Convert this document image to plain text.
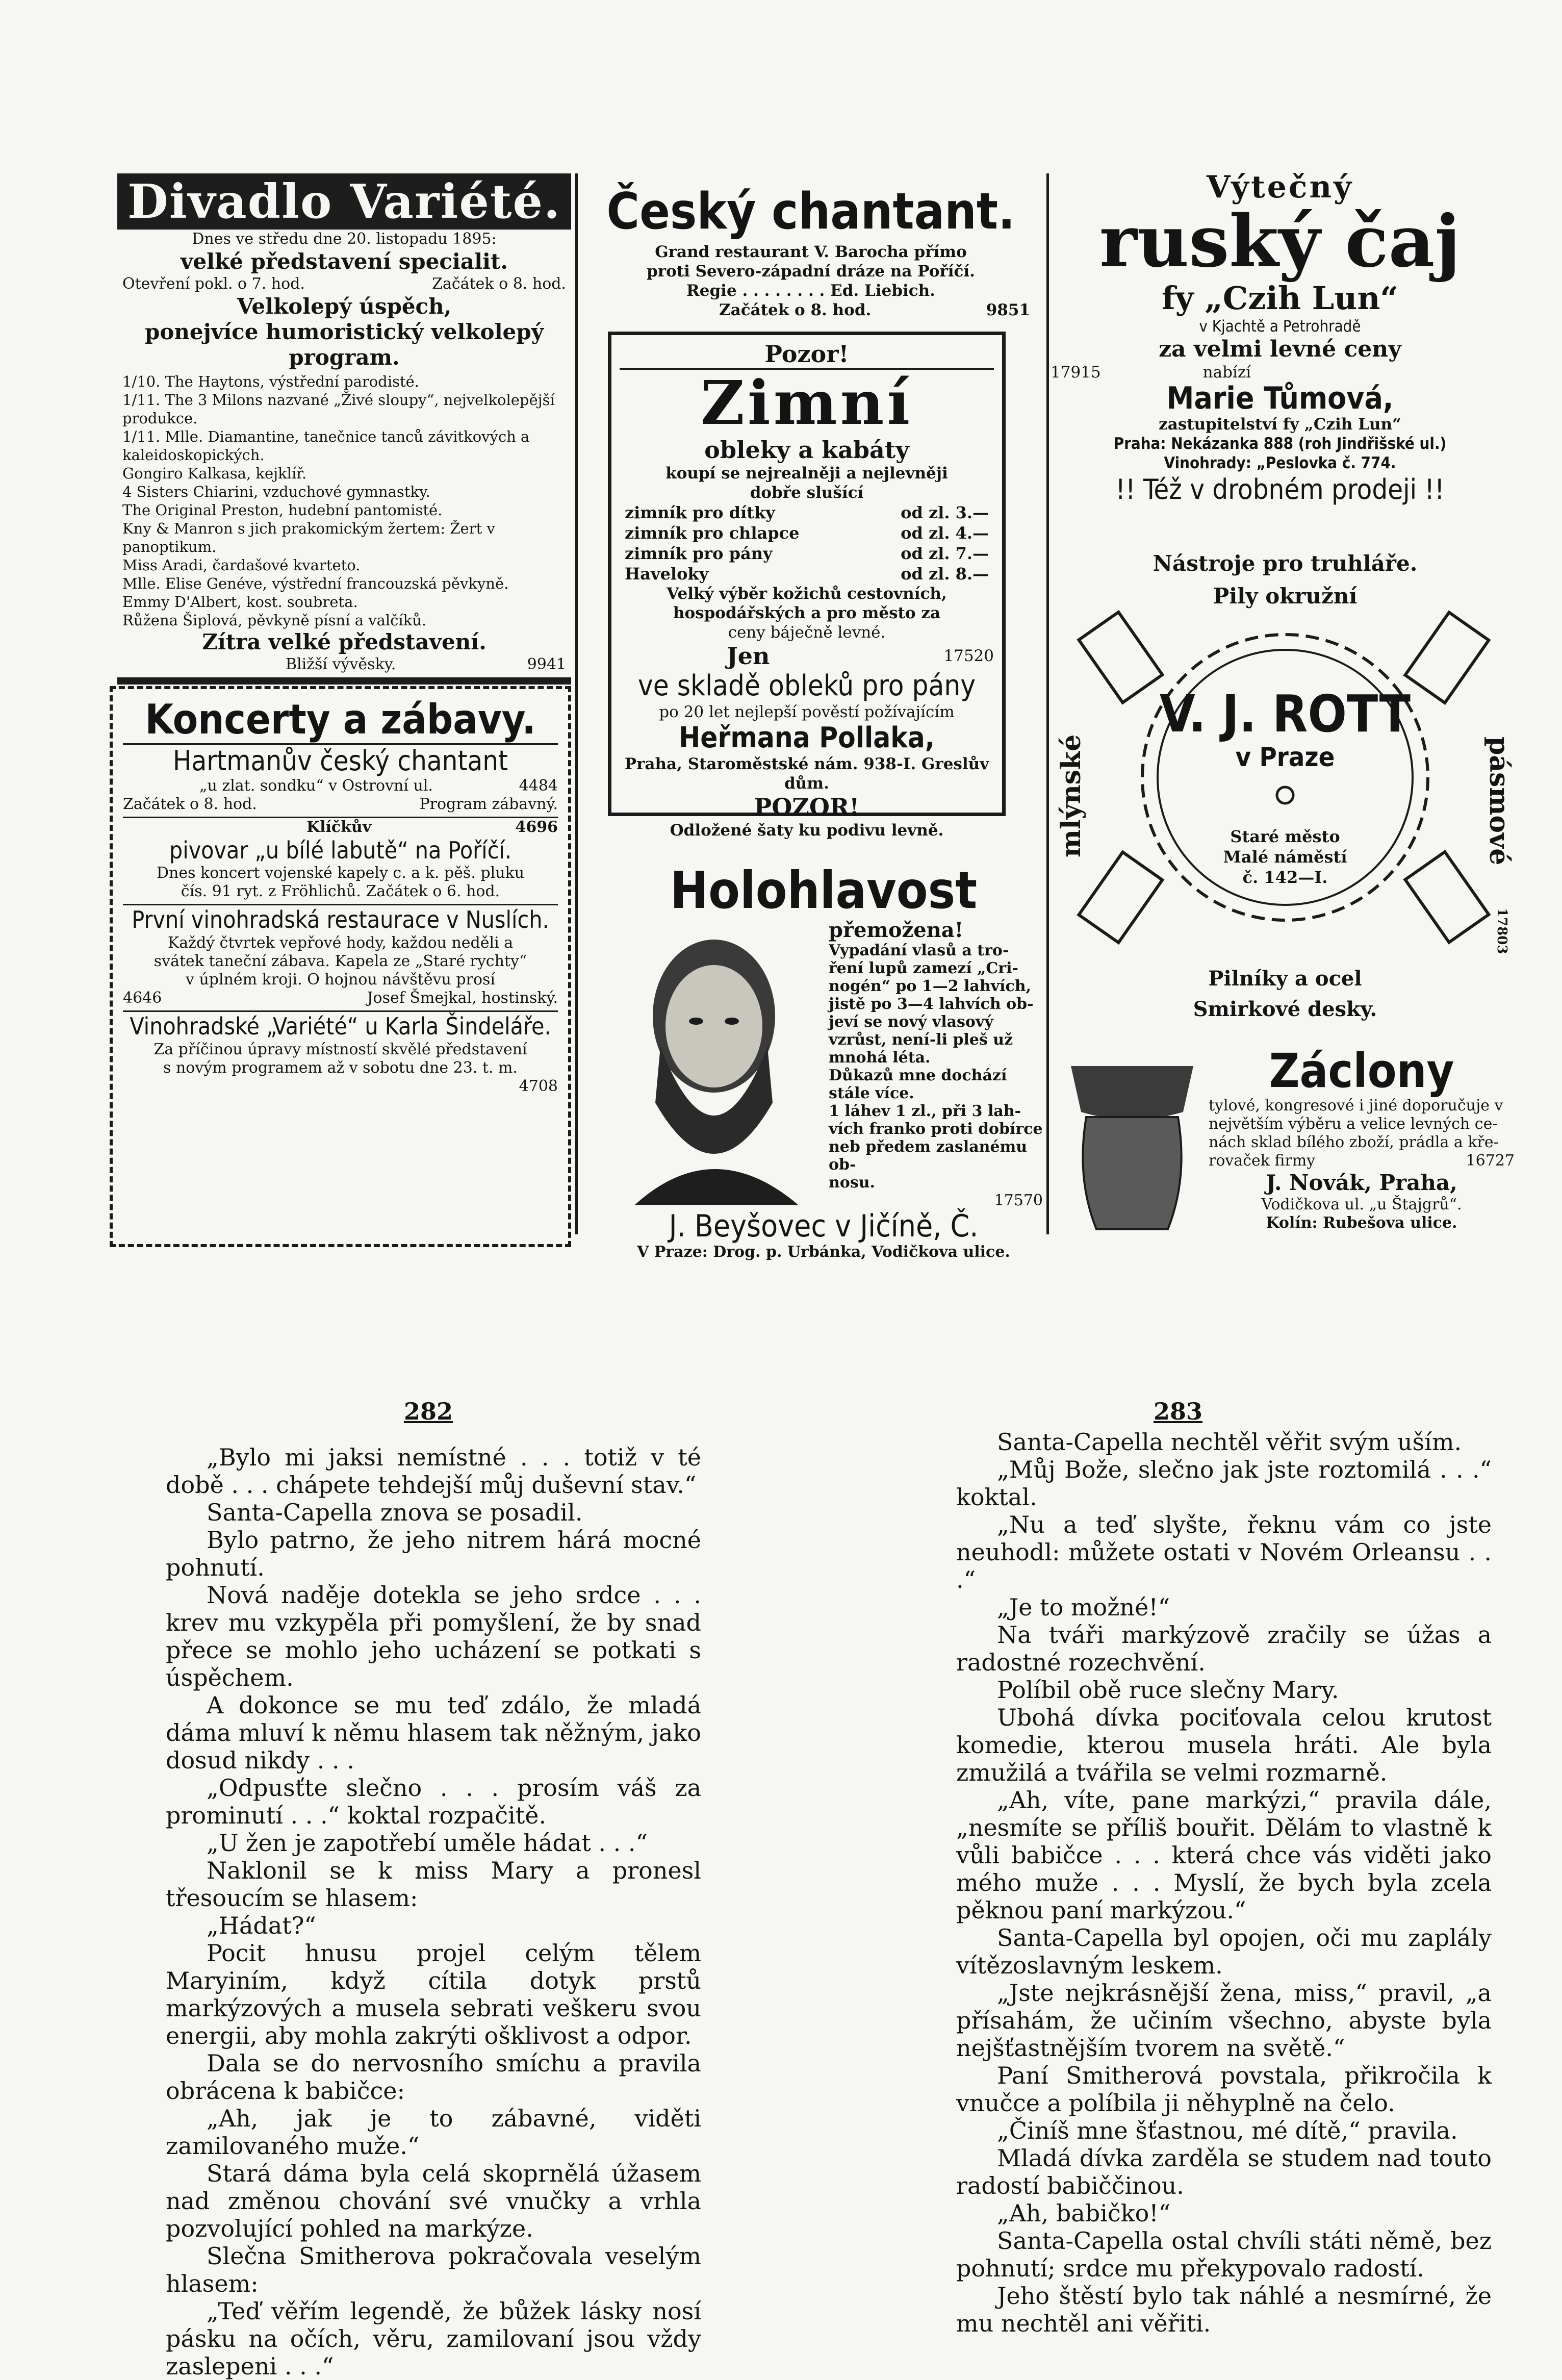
Divadlo Variété.
Dnes ve středu dne 20. listopadu 1895:
velké představení specialit.
Otevření pokl. o 7. hod.	Začátek o 8. hod.
Velkolepý úspěch,
ponejvíce humoristický velkolepý
program.
1/10. The Haytons, výstřední parodisté.
1/11. The 3 Milons nazvané „Živé sloupy“, nejvelkolepější produkce.
1/11. Mlle. Diamantine, tanečnice tanců závitkových a kaleidoskopických.
Gongiro Kalkasa, kejklíř.
4 Sisters Chiarini, vzduchové gymnastky.
The Original Preston, hudební pantomisté.
Kny & Manron s jich prakomickým žertem: Žert v panoptikum.
Miss Aradi, čardašové kvarteto.
Mlle. Elise Genéve, výstřední francouzská pěvkyně.
Emmy D'Albert, kost. soubreta.
Růžena Šiplová, pěvkyně písní a valčíků.
Zítra velké představení.
Bližší vývěsky.	9941
Český chantant.
Grand restaurant V. Barocha přímo
proti Severo-západní dráze na Poříčí.
Regie . . . . . . . . Ed. Liebich.
Začátek o 8. hod.	9851
Pozor!
Zimní
obleky a kabáty
koupí se nejrealněji a nejlevněji
dobře slušící
zimník pro dítky	od zl. 3.—
zimník pro chlapce	od zl. 4.—
zimník pro pány	od zl. 7.—
Haveloky	od zl. 8.—
Velký výběr kožichů cestovních,
hospodářských a pro město za
ceny báječně levné.
Jen	17520
ve skladě obleků pro pány
po 20 let nejlepší pověstí požívajícím
Heřmana Pollaka,
Praha, Staroměstské nám. 938-I. Greslův dům.
POZOR!
Odložené šaty ku podivu levně.
Výtečný
ruský čaj
fy „Czih Lun“
v Kjachtě a Petrohradě
za velmi levné ceny
17915	nabízí
Marie Tůmová,
zastupitelství fy „Czih Lun“
Praha: Nekázanka 888 (roh Jindřišské ul.)
Vinohrady: „Peslovka č. 774.
!! Též v drobném prodeji !!
Nástroje pro truhláře.
Pily okružní
mlýnské	pásmové
V. J. ROTT
v Praze
Staré město
Malé náměstí
č. 142—I.
17803
Pilníky a ocel
Smirkové desky.
Koncerty a zábavy.
Hartmanův český chantant
„u zlat. sondku“ v Ostrovní ul.	4484
Začátek o 8. hod.	Program zábavný.
Klíčkův	4696
pivovar „u bílé labutě“ na Poříčí.
Dnes koncert vojenské kapely c. a k. pěš. pluku
čís. 91 ryt. z Fröhlichů. Začátek o 6. hod.
První vinohradská restaurace v Nuslích.
Každý čtvrtek vepřové hody, každou neděli a
svátek taneční zábava. Kapela ze „Staré rychty“
v úplném kroji. O hojnou návštěvu prosí
4646	Josef Šmejkal, hostinský.
Vinohradské „Variété“ u Karla Šindeláře.
Za příčinou úpravy místností skvělé představení
s novým programem až v sobotu dne 23. t. m.
4708
Holohlavost
přemožena!
Vypadání vlasů a tro-
ření lupů zamezí „Cri-
nogén“ po 1—2 lahvích,
jistě po 3—4 lahvích ob-
jeví se nový vlasový
vzrůst, není-li pleš už
mnohá léta.
Důkazů mne dochází
stále více.
1 láhev 1 zl., při 3 lah-
vích franko proti dobírce
neb předem zaslanému ob-
nosu.
17570
J. Beyšovec v Jičíně, Č.
V Praze: Drog. p. Urbánka, Vodičkova ulice.
Záclony
tylové, kongresové i jiné doporučuje v
největším výběru a velice levných ce-
nách sklad bílého zboží, prádla a kře-
rovaček firmy	16727
J. Novák, Praha,
Vodičkova ul. „u Štajgrů“.
Kolín: Rubešova ulice.
282

„Bylo mi jaksi nemístné . . . totiž v té době . . . chápete tehdejší můj duševní stav.“

Santa-Capella znova se posadil.

Bylo patrno, že jeho nitrem hárá mocné pohnutí.

Nová naděje dotekla se jeho srdce . . . krev mu vzkypěla při pomyšlení, že by snad přece se mohlo jeho ucházení se potkati s úspěchem.

A dokonce se mu teď zdálo, že mladá dáma mluví k němu hlasem tak něžným, jako dosud nikdy . . .

„Odpusťte slečno . . . prosím váš za prominutí . . .“ koktal rozpačitě.

„U žen je zapotřebí uměle hádat . . .“

Naklonil se k miss Mary a pronesl třesoucím se hlasem:

„Hádat?“

Pocit hnusu projel celým tělem Maryiním, když cítila dotyk prstů markýzových a musela sebrati veškeru svou energii, aby mohla zakrýti ošklivost a odpor.

Dala se do nervosního smíchu a pravila obrácena k babičce:

„Ah, jak je to zábavné, viděti zamilovaného muže.“

Stará dáma byla celá skoprnělá úžasem nad změnou chování své vnučky a vrhla pozvolující pohled na markýze.

Slečna Smitherova pokračovala veselým hlasem:

„Teď věřím legendě, že bůžek lásky nosí pásku na očích, věru, zamilovaní jsou vždy zaslepeni . . .“

283

Santa-Capella nechtěl věřit svým uším.

„Můj Bože, slečno jak jste roztomilá . . .“ koktal.

„Nu a teď slyšte, řeknu vám co jste neuhodl: můžete ostati v Novém Orleansu . . .“

„Je to možné!“

Na tváři markýzově zračily se úžas a radostné rozechvění.

Políbil obě ruce slečny Mary.

Ubohá dívka pociťovala celou krutost komedie, kterou musela hráti. Ale byla zmužilá a tvářila se velmi rozmarně.

„Ah, víte, pane markýzi,“ pravila dále, „nesmíte se příliš bouřit. Dělám to vlastně k vůli babičce . . . která chce vás viděti jako mého muže . . . Myslí, že bych byla zcela pěknou paní markýzou.“

Santa-Capella byl opojen, oči mu zaplály vítězoslavným leskem.

„Jste nejkrásnější žena, miss,“ pravil, „a přísahám, že učiním všechno, abyste byla nejšťastnějším tvorem na světě.“

Paní Smitherová povstala, přikročila k vnučce a políbila ji něhyplně na čelo.

„Činíš mne šťastnou, mé dítě,“ pravila.

Mladá dívka zardělа se studem nad touto radostí babiččinou.

„Ah, babičko!“

Santa-Capella ostal chvíli státi němě, bez pohnutí; srdce mu překypovalo radostí.

Jeho štěstí bylo tak náhlé a nesmírné, že mu nechtěl ani věřiti.
